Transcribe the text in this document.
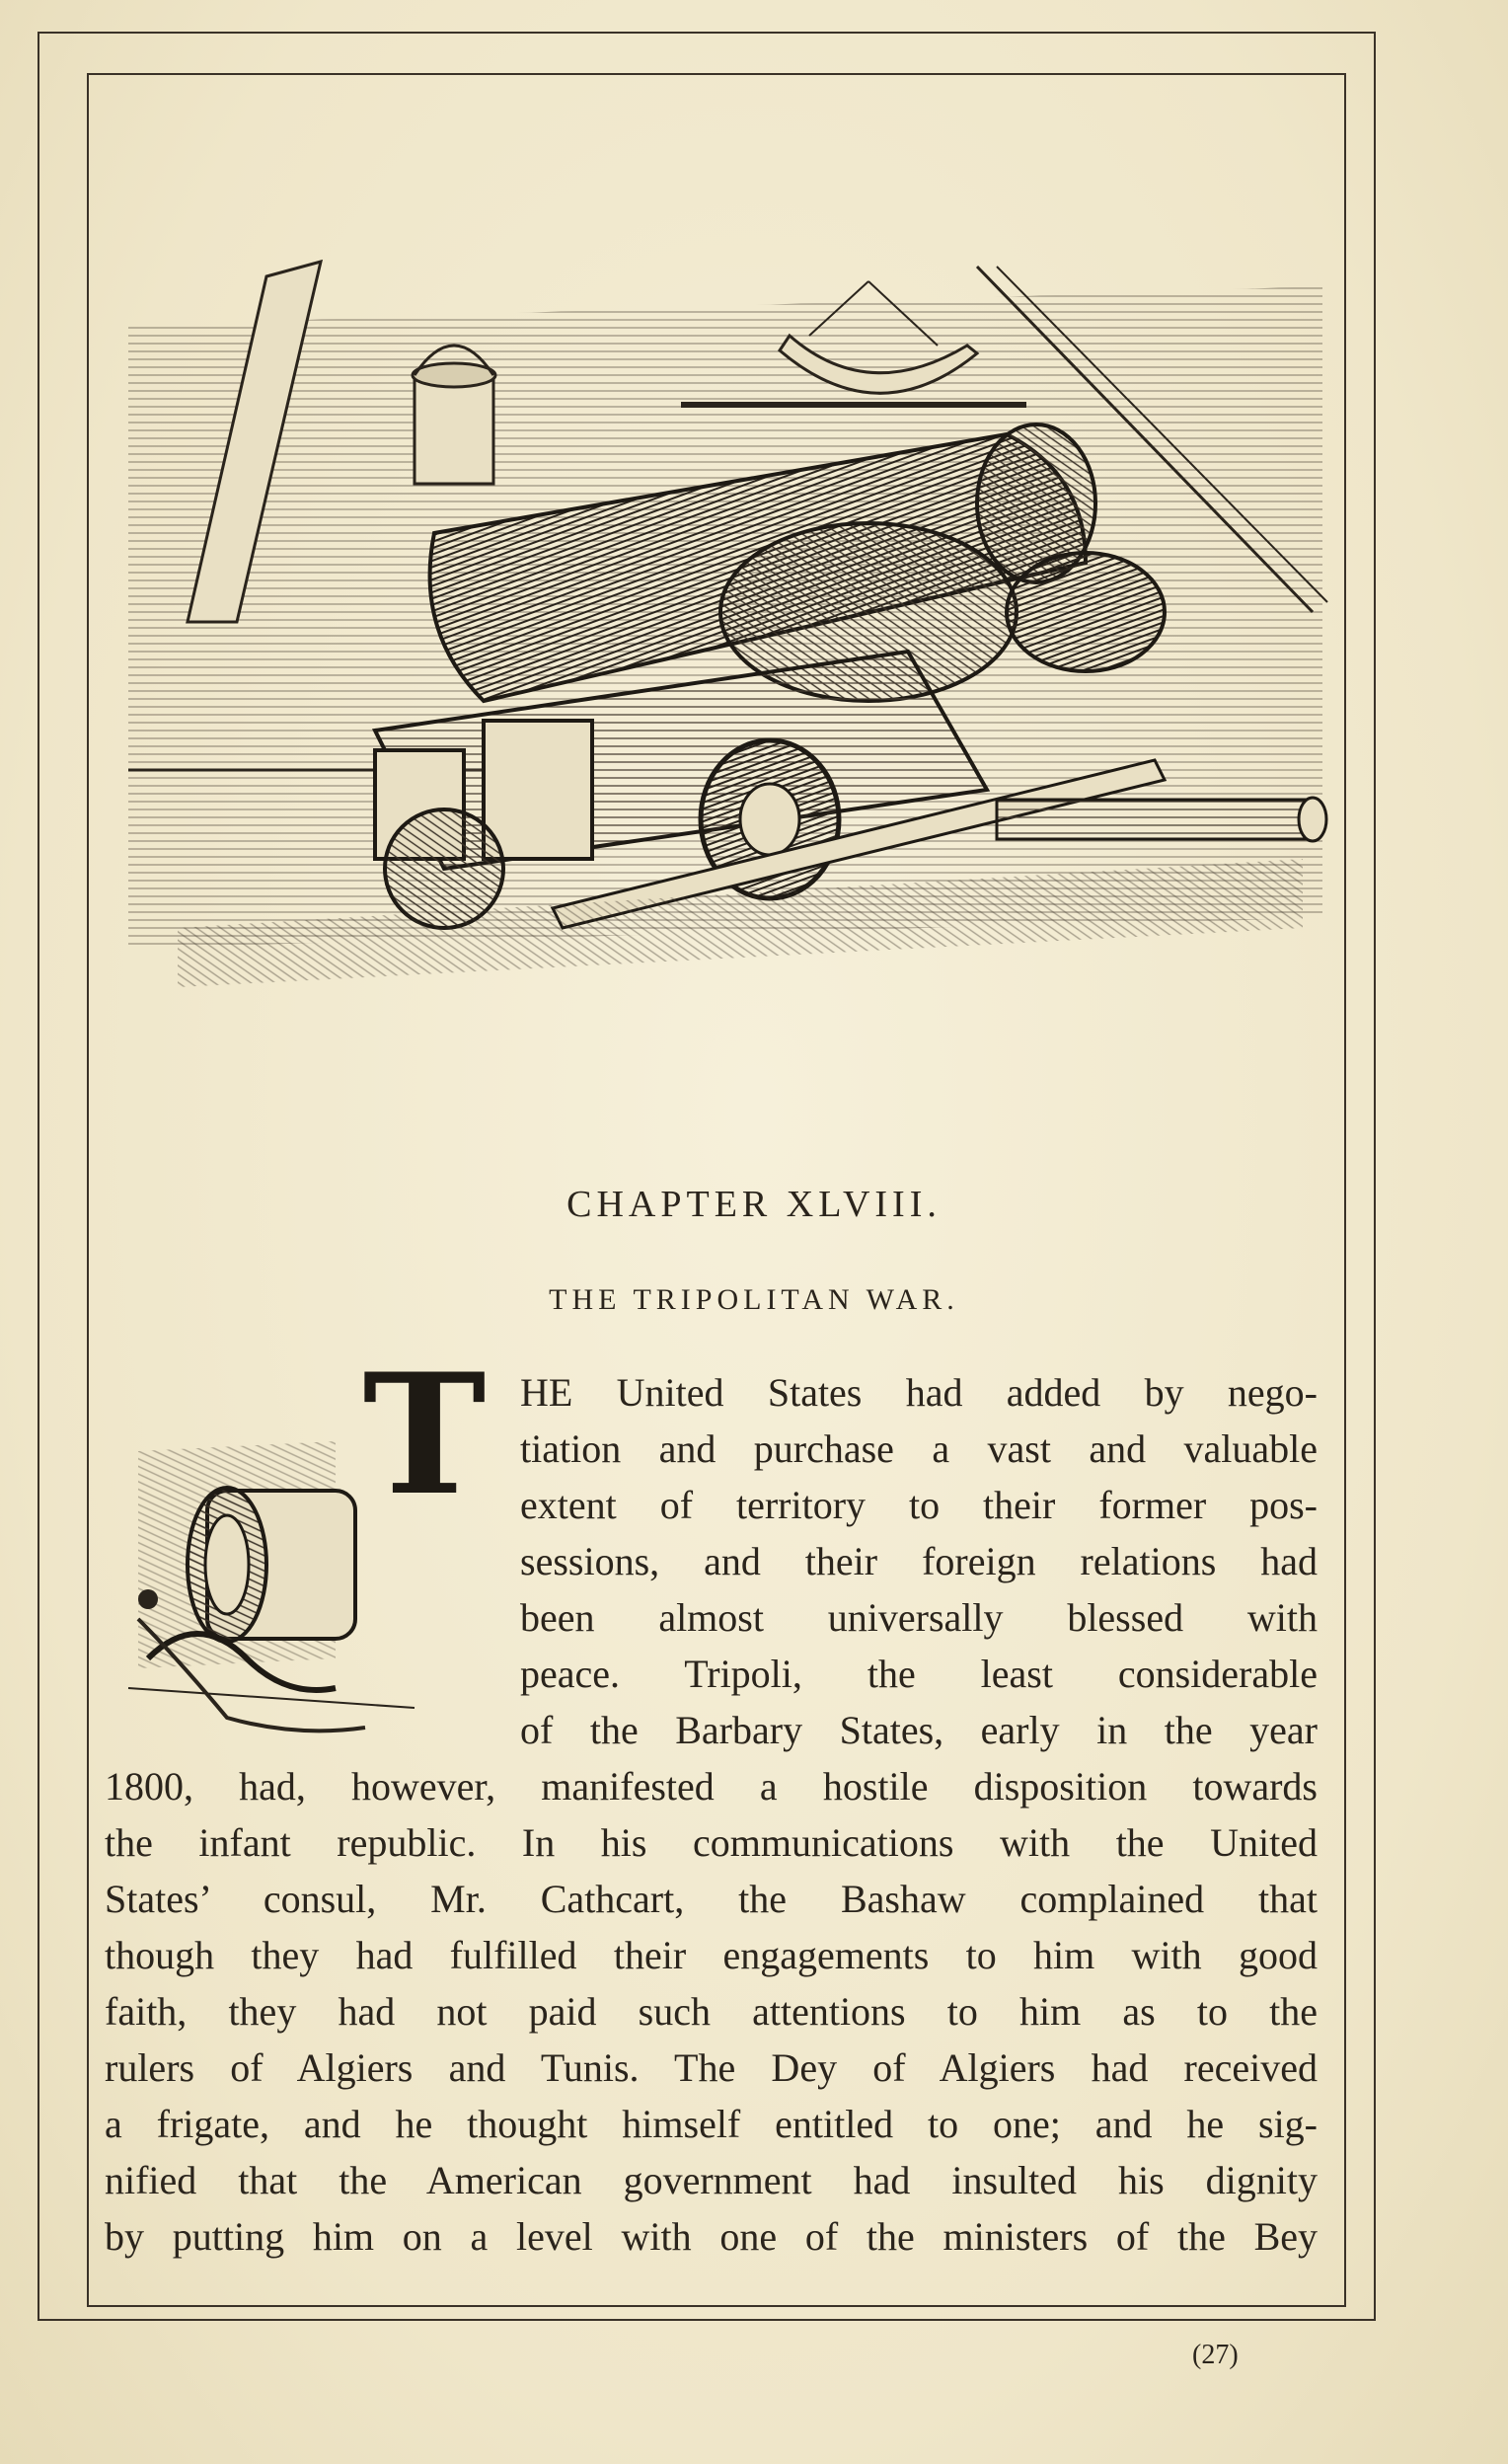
CHAPTER XLVIII.
THE TRIPOLITAN WAR.
T HE United States had added by nego-
tiation and purchase a vast and valuable
extent of territory to their former pos-
sessions, and their foreign relations had
been almost universally blessed with
peace. Tripoli, the least considerable
of the Barbary States, early in the year
1800, had, however, manifested a hostile disposition towards
the infant republic. In his communications with the United
States’ consul, Mr. Cathcart, the Bashaw complained that
though they had fulfilled their engagements to him with good
faith, they had not paid such attentions to him as to the
rulers of Algiers and Tunis. The Dey of Algiers had received
a frigate, and he thought himself entitled to one; and he sig-
nified that the American government had insulted his dignity
by putting him on a level with one of the ministers of the Bey
(27)
